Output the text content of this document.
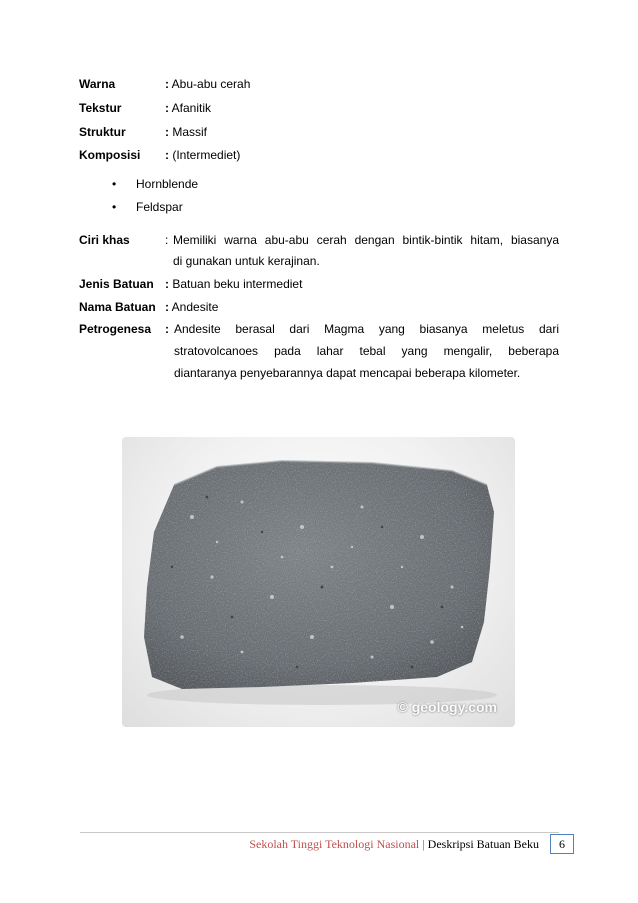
Warna	: Abu-abu cerah
Tekstur	: Afanitik
Struktur	: Massif
Komposisi : (Intermediet)
• Hornblende
• Feldspar
Ciri khas	: Memiliki warna abu-abu cerah dengan bintik-bintik hitam, biasanya
di gunakan untuk kerajinan.
Jenis Batuan : Batuan beku intermediet
Nama Batuan : Andesite
Petrogenesa : Andesite berasal dari Magma yang biasanya meletus dari
stratovolcanoes pada lahar tebal yang mengalir, beberapa
diantaranya penyebarannya dapat mencapai beberapa kilometer.
© geology.com
Sekolah Tinggi Teknologi Nasional | Deskripsi Batuan Beku 6
